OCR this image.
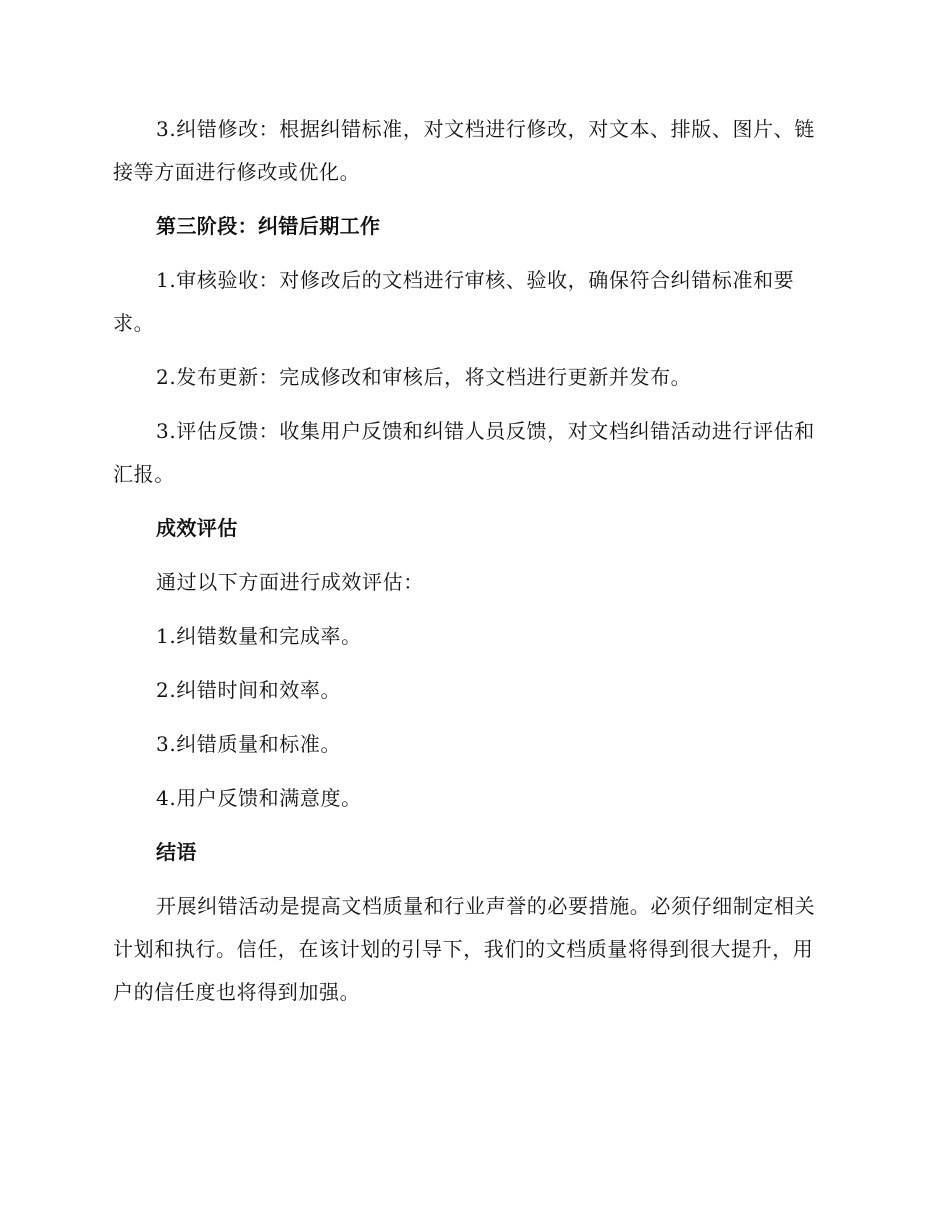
3.纠错修改：根据纠错标准，对文档进行修改，对文本、排版、图片、链接等方面进行修改或优化。

第三阶段：纠错后期工作

1.审核验收：对修改后的文档进行审核、验收，确保符合纠错标准和要求。

2.发布更新：完成修改和审核后，将文档进行更新并发布。

3.评估反馈：收集用户反馈和纠错人员反馈，对文档纠错活动进行评估和汇报。

成效评估

通过以下方面进行成效评估：

1.纠错数量和完成率。

2.纠错时间和效率。

3.纠错质量和标准。

4.用户反馈和满意度。

结语

开展纠错活动是提高文档质量和行业声誉的必要措施。必须仔细制定相关计划和执行。信任，在该计划的引导下，我们的文档质量将得到很大提升，用户的信任度也将得到加强。
